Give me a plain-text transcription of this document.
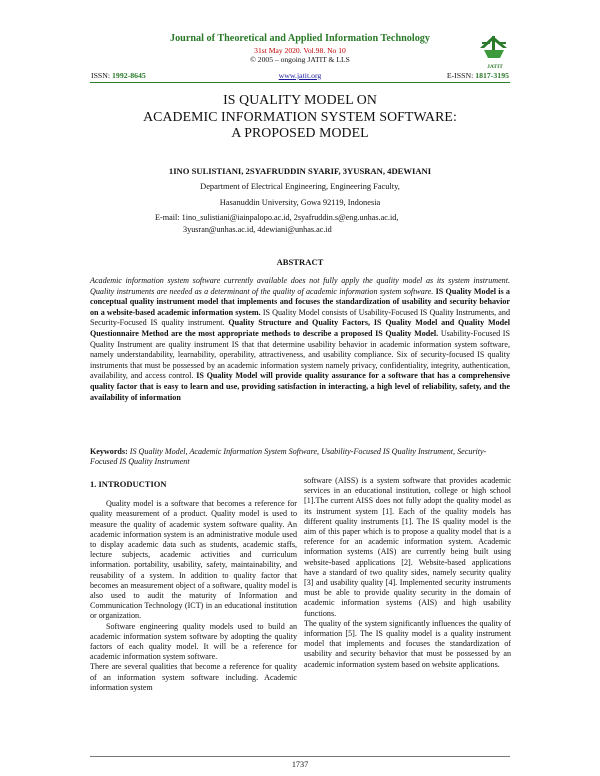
Journal of Theoretical and Applied Information Technology
31st May 2020. Vol.98. No 10
© 2005 – ongoing JATIT & LLS
JATIT
ISSN: 1992-8645	www.jatit.org	E-ISSN: 1817-3195
IS QUALITY MODEL ON
ACADEMIC INFORMATION SYSTEM SOFTWARE:
A PROPOSED MODEL
1INO SULISTIANI, 2SYAFRUDDIN SYARIF, 3YUSRAN, 4DEWIANI
Department of Electrical Engineering, Engineering Faculty,
Hasanuddin University, Gowa 92119, Indonesia
E-mail: 1ino_sulistiani@iainpalopo.ac.id, 2syafruddin.s@eng.unhas.ac.id,
3yusran@unhas.ac.id, 4dewiani@unhas.ac.id
ABSTRACT
Academic information system software currently available does not fully apply the quality model as its system instrument. Quality instruments are needed as a determinant of the quality of academic information system software. IS Quality Model is a conceptual quality instrument model that implements and focuses the standardization of usability and security behavior on a website-based academic information system. IS Quality Model consists of Usability-Focused IS Quality Instruments, and Security-Focused IS quality instrument. Quality Structure and Quality Factors, IS Quality Model and Quality Model Questionnaire Method are the most appropriate methods to describe a proposed IS Quality Model. Usability-Focused IS Quality Instrument are quality instrument IS that that determine usability behavior in academic information system software, namely understandability, learnability, operability, attractiveness, and usability compliance. Six of security-focused IS quality instruments that must be possessed by an academic information system namely privacy, confidentiality, integrity, authentication, availability, and access control. IS Quality Model will provide quality assurance for a software that has a comprehensive quality factor that is easy to learn and use, providing satisfaction in interacting, a high level of reliability, safety, and the availability of information
Keywords: IS Quality Model, Academic Information System Software, Usability-Focused IS Quality Instrument, Security-Focused IS Quality Instrument
1. INTRODUCTION

Quality model is a software that becomes a reference for quality measurement of a product. Quality model is used to measure the quality of academic system software quality. An academic information system is an administrative module used to display academic data such as students, academic staffs, lecture subjects, academic activities and curriculum information. portability, usability, safety, maintainability, and reusability of a system. In addition to quality factor that becomes an measurement object of a software, quality model is also used to audit the maturity of Information and Communication Technology (ICT) in an educational institution or organization.

Software engineering quality models used to build an academic information system software by adopting the quality factors of each quality model. It will be a reference for academic information system software.

There are several qualities that become a reference for quality of an information system software including. Academic information system

software (AISS) is a system software that provides academic services in an educational institution, college or high school [1].The current AISS does not fully adopt the quality model as its instrument system [1]. Each of the quality models has different quality instruments [1]. The IS quality model is the aim of this paper which is to propose a quality model that is a reference for an academic information system. Academic information systems (AIS) are currently being built using website-based applications [2]. Website-based applications have a standard of two quality sides, namely security quality [3] and usability quality [4]. Implemented security instruments must be able to provide quality security in the domain of academic information systems (AIS) and high usability functions.

The quality of the system significantly influences the quality of information [5]. The IS quality model is a quality instrument model that implements and focuses the standardization of usability and security behavior that must be possessed by an academic information system based on website applications.

1737
